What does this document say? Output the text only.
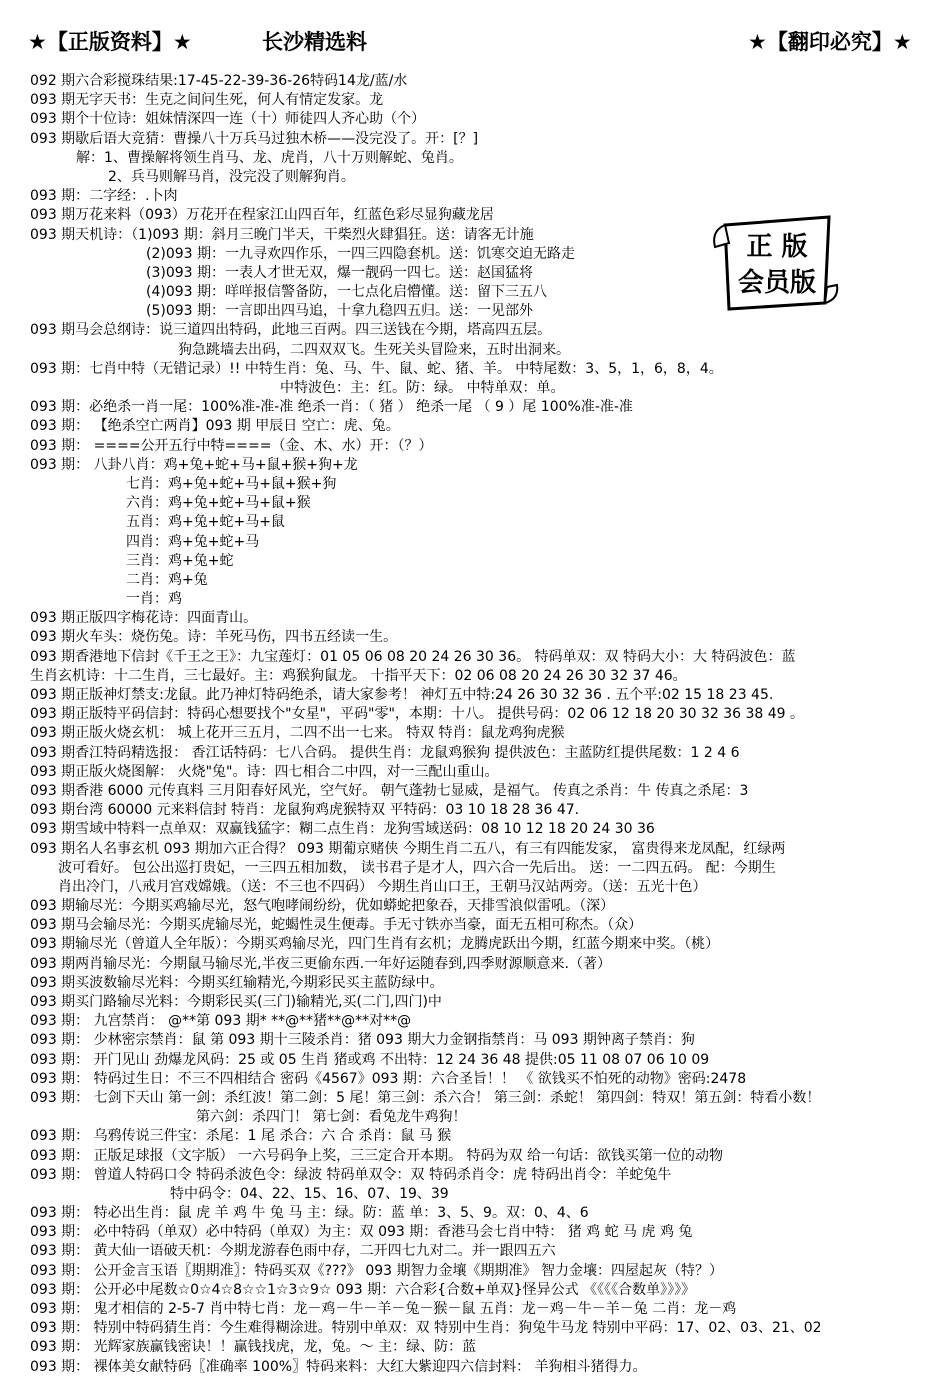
★【正版资料】★	长沙精选料	★【翻印必究】★
092 期六合彩搅珠结果:17-45-22-39-36-26特码14龙/蓝/水
093 期无字天书：生克之间问生死，何人有情定发家。龙
093 期个十位诗：姐妹情深四一连（十）师徒四人齐心助（个）
093 期歇后语大竞猜：曹操八十万兵马过独木桥——没完没了。开：[？]
解：1、曹操解将领生肖马、龙、虎肖，八十万则解蛇、兔肖。
2、兵马则解马肖，没完没了则解狗肖。
093 期：二字经：.卜肉
093 期万花来料（093）万花开在程家江山四百年，红蓝色彩尽显狗藏龙居
093 期天机诗：（1)093 期：斜月三晚门半天，干柴烈火肆猖狂。送：请客无计施
(2)093 期：一九寻欢四作乐，一四三四隐套机。送：饥寒交迫无路走
(3)093 期：一表人才世无双，爆一靓码一四七。送：赵国猛将
(4)093 期：咩咩报信警备防，一七点化启懵懂。送：留下三五八
(5)093 期：一言即出四马追，十拿九稳四五归。送：一见部外
093 期马会总纲诗：说三道四出特码，此地三百两。四三送钱在今期，塔高四五层。
狗急跳墙去出码，二四双双飞。生死关头冒险来，五时出洞来。
093 期：七肖中特（无错记录）!! 中特生肖：兔、马、牛、鼠、蛇、猪、羊。 中特尾数：3、5，1，6，8，4。
中特波色：主：红。防：绿。 中特单双：单。
093 期：必绝杀一肖一尾：100%准-准-准 绝杀一肖：（ 猪 ） 绝杀一尾 （ 9 ）尾 100%准-准-准
093 期： 【绝杀空亡两肖】093 期 甲辰日 空亡：虎、兔。
093 期： ====公开五行中特====（金、木、水）开：（？）
093 期： 八卦八肖：鸡+兔+蛇+马+鼠+猴+狗+龙
七肖：鸡+兔+蛇+马+鼠+猴+狗
六肖：鸡+兔+蛇+马+鼠+猴
五肖：鸡+兔+蛇+马+鼠
四肖：鸡+兔+蛇+马
三肖：鸡+兔+蛇
二肖：鸡+兔
一肖：鸡
093 期正版四字梅花诗：四面青山。
093 期火车头：烧伤兔。诗：羊死马伤，四书五经读一生。
093 期香港地下信封《千王之王》：九宝莲灯：01 05 06 08 20 24 26 30 36。 特码单双：双 特码大小：大 特码波色：蓝
生肖玄机诗：十二生肖，三七最好。主：鸡猴狗鼠龙。 十指平天下：02 06 08 20 24 26 30 32 37 46。
093 期正版神灯禁支:龙鼠。此乃神灯特码绝杀，请大家参考！ 神灯五中特:24 26 30 32 36 . 五个平:02 15 18 23 45.
093 期正版特平码信封：特码心想要找个"女星"，平码"零"，本期：十八。 提供号码：02 06 12 18 20 30 32 36 38 49 。
093 期正版火烧玄机： 城上花开三五月，二四不出一七来。 特双 特肖：鼠龙鸡狗虎猴
093 期香江特码精选报： 香江话特码：七八合码。 提供生肖：龙鼠鸡猴狗 提供波色：主蓝防红提供尾数：1 2 4 6
093 期正版火烧图解： 火烧"兔"。诗：四七相合二中四，对一三配山重山。
093 期香港 6000 元传真料 三月阳春好风光，空气好。 朝气蓬勃七显威，是福气。 传真之杀肖：牛 传真之杀尾：3
093 期台湾 60000 元来料信封 特肖：龙鼠狗鸡虎猴特双 平特码：03 10 18 28 36 47.
093 期雪域中特料一点单双：双赢钱猛字：糊二点生肖：龙狗雪域送码：08 10 12 18 20 24 30 36
093 期名人名事玄机 093 期加六正合得？ 093 期葡京赌侠 今期生肖二五八，有三有四能发家， 富贵得来龙凤配，红绿两
波可看好。 包公出巡打贵妃，一三四五相加数， 读书君子是才人，四六合一先后出。 送：一二四五码。 配：今期生
肖出冷门，八戒月宫戏嫦娥。（送：不三也不四码） 今期生肖山口王，王朝马汉站两旁。（送：五光十色）
093 期输尽光：今期买鸡输尽光，怒气咆哮闹纷纷，优如蟒蛇把象吞，天排雪浪似雷吼。（深）
093 期马会输尽光：今期买虎输尽光，蛇蝎性灵生便毒。手无寸铁亦当豪，面无五相可称杰。（众）
093 期输尽光（曾道人全年版）：今期买鸡输尽光，四门生肖有玄机；龙腾虎跃出今期，红蓝今期来中奖。（桃）
093 期两肖输尽光：今期鼠马输尽光,半夜三更偷东西.一年好运随春到,四季财源顺意来.（著）
093 期买波数输尽光料：今期买红输精光,今期彩民买主蓝防绿中。
093 期买门路输尽光料：今期彩民买(三门)输精光,买(二门,四门)中
093 期： 九宫禁肖： @**第 093 期* **@**猪**@**对**@
093 期： 少林密宗禁肖：鼠 第 093 期十三陵杀肖：猪 093 期大力金钢指禁肖：马 093 期钟离子禁肖：狗
093 期： 开门见山 劲爆龙风码：25 或 05 生肖 猪或鸡 不出特：12 24 36 48 提供:05 11 08 07 06 10 09
093 期： 特码过生日：不三不四相结合 密码《4567》093 期：六合圣旨！！ 《 欲钱买不怕死的动物》密码:2478
093 期： 七剑下天山 第一剑：杀红波！第二剑：5 尾！第三剑：杀六合！ 第三剑：杀蛇！ 第四剑：特双！第五剑：特看小数！
第六剑：杀四门！ 第七剑：看兔龙牛鸡狗！
093 期： 乌鸦传说三件宝：杀尾：1 尾 杀合：六 合 杀肖：鼠 马 猴
093 期： 正版足球报（文字版） 一六号码争上奖，三三定合开本期。 特码为双 给一句话：欲钱买第一位的动物
093 期： 曾道人特码口令 特码杀波色令：绿波 特码单双令：双 特码杀肖令：虎 特码出肖令：羊蛇兔牛
特中码令：04、22、15、16、07、19、39
093 期： 特必出生肖：鼠 虎 羊 鸡 牛 兔 马 主：绿。防：蓝 单：3、5、9。双：0、4、6
093 期： 必中特码（单双）必中特码（单双）为主：双 093 期：香港马会七肖中特： 猪 鸡 蛇 马 虎 鸡 兔
093 期： 黄大仙一语破天机：今期龙游春色雨中存，二开四七九对二。并一跟四五六
093 期： 公开金言玉语〖期期准〗：特码买双《???》 093 期智力金壤《期期准》 智力金壤：四屋起灰（特？）
093 期： 公开必中尾数☆0☆4☆8☆☆1☆3☆9☆ 093 期：六合彩{合数+单双}怪异公式 《《《《合数单》》》》
093 期： 鬼才相信的 2-5-7 肖中特七肖：龙－鸡－牛－羊－兔－猴－鼠 五肖：龙－鸡－牛－羊－兔 二肖：龙－鸡
093 期： 特别中特码猜生肖：今生难得糊涂进。特别中单双：双 特别中生肖：狗兔牛马龙 特别中平码：17、02、03、21、02
093 期： 光辉家族赢钱密诀！！赢钱找虎，龙，兔。～ 主：绿、防：蓝
093 期： 裸体美女献特码〖准确率 100%〗特码来料：大红大紫迎四六信封料： 羊狗相斗猪得力。
正 版
会员版
